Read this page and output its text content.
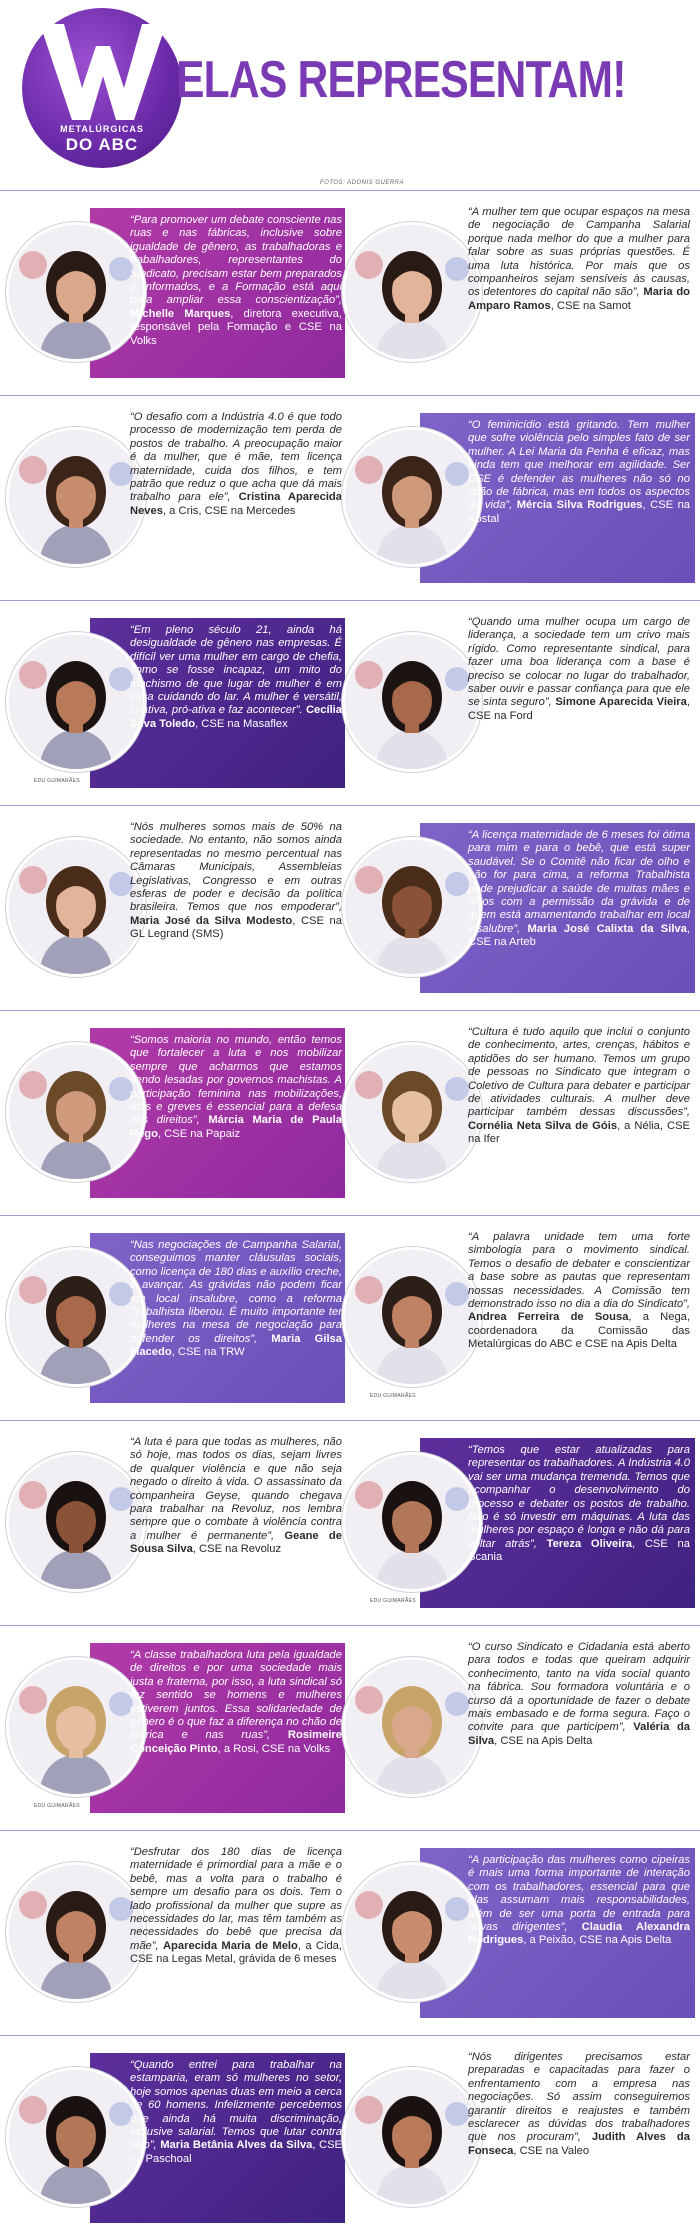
METALÚRGICAS
DO ABC
ELAS REPRESENTAM!
FOTOS: ADONIS GUERRA
“Para promover um debate consciente nas ruas e nas fábricas, inclusive sobre igualdade de gênero, as trabalhadoras e trabalhadores, representantes do Sindicato, precisam estar bem preparados e informados, e a Formação está aqui para ampliar essa conscientização”, Michelle Marques, diretora executiva, responsável pela Formação e CSE na Volks
“A mulher tem que ocupar espaços na mesa de negociação de Campanha Salarial porque nada melhor do que a mulher para falar sobre as suas próprias questões. É uma luta histórica. Por mais que os companheiros sejam sensíveis às causas, os detentores do capital não são”, Maria do Amparo Ramos, CSE na Samot
“O desafio com a Indústria 4.0 é que todo processo de modernização tem perda de postos de trabalho. A preocupação maior é da mulher, que é mãe, tem licença maternidade, cuida dos filhos, e tem patrão que reduz o que acha que dá mais trabalho para ele”, Cristina Aparecida Neves, a Cris, CSE na Mercedes
“O feminicídio está gritando. Tem mulher que sofre violência pelo simples fato de ser mulher. A Lei Maria da Penha é eficaz, mas ainda tem que melhorar em agilidade. Ser CSE é defender as mulheres não só no chão de fábrica, mas em todos os aspectos da vida”, Mércia Silva Rodrigues, CSE na Kostal
EDU GUIMARÃES
“Em pleno século 21, ainda há desigualdade de gênero nas empresas. É difícil ver uma mulher em cargo de chefia, como se fosse incapaz, um mito do machismo de que lugar de mulher é em casa cuidando do lar. A mulher é versátil, criativa, pró-ativa e faz acontecer”. Cecília Silva Toledo, CSE na Masaflex
“Quando uma mulher ocupa um cargo de liderança, a sociedade tem um crivo mais rígido. Como representante sindical, para fazer uma boa liderança com a base é preciso se colocar no lugar do trabalhador, saber ouvir e passar confiança para que ele se sinta seguro”, Simone Aparecida Vieira, CSE na Ford
“Nós mulheres somos mais de 50% na sociedade. No entanto, não somos ainda representadas no mesmo percentual nas Câmaras Municipais, Assembleias Legislativas, Congresso e em outras esferas de poder e decisão da política brasileira. Temos que nos empoderar”, Maria José da Silva Modesto, CSE na GL Legrand (SMS)
“A licença maternidade de 6 meses foi ótima para mim e para o bebê, que está super saudável. Se o Comitê não ficar de olho e não for para cima, a reforma Trabalhista pode prejudicar a saúde de muitas mães e filhos com a permissão da grávida e de quem está amamentando trabalhar em local insalubre”, Maria José Calixta da Silva, CSE na Arteb
“Somos maioria no mundo, então temos que fortalecer a luta e nos mobilizar sempre que acharmos que estamos sendo lesadas por governos machistas. A participação feminina nas mobilizações, atos e greves é essencial para a defesa dos direitos”, Márcia Maria de Paula Rego, CSE na Papaiz
“Cultura é tudo aquilo que inclui o conjunto de conhecimento, artes, crenças, hábitos e aptidões do ser humano. Temos um grupo de pessoas no Sindicato que integram o Coletivo de Cultura para debater e participar de atividades culturais. A mulher deve participar também dessas discussões”, Cornélia Neta Silva de Góis, a Nélia, CSE na Ifer
“Nas negociações de Campanha Salarial, conseguimos manter cláusulas sociais, como licença de 180 dias e auxílio creche, e avançar. As grávidas não podem ficar em local insalubre, como a reforma Trabalhista liberou. É muito importante ter mulheres na mesa de negociação para defender os direitos”, Maria Gilsa Macedo, CSE na TRW
EDU GUIMARÃES
“A palavra unidade tem uma forte simbologia para o movimento sindical. Temos o desafio de debater e conscientizar a base sobre as pautas que representam nossas necessidades. A Comissão tem demonstrado isso no dia a dia do Sindicato”, Andrea Ferreira de Sousa, a Nega, coordenadora da Comissão das Metalúrgicas do ABC e CSE na Apis Delta
“A luta é para que todas as mulheres, não só hoje, mas todos os dias, sejam livres de qualquer violência e que não seja negado o direito à vida. O assassinato da companheira Geyse, quando chegava para trabalhar na Revoluz, nos lembra sempre que o combate à violência contra a mulher é permanente”, Geane de Sousa Silva, CSE na Revoluz
EDU GUIMARÃES
“Temos que estar atualizadas para representar os trabalhadores. A Indústria 4.0 vai ser uma mudança tremenda. Temos que acompanhar o desenvolvimento do processo e debater os postos de trabalho. Não é só investir em máquinas. A luta das mulheres por espaço é longa e não dá para voltar atrás”, Tereza Oliveira, CSE na Scania
EDU GUIMARÃES
“A classe trabalhadora luta pela igualdade de direitos e por uma sociedade mais justa e fraterna, por isso, a luta sindical só faz sentido se homens e mulheres estiverem juntos. Essa solidariedade de gênero é o que faz a diferença no chão de fábrica e nas ruas”, Rosimeire Conceição Pinto, a Rosi, CSE na Volks
“O curso Sindicato e Cidadania está aberto para todos e todas que queiram adquirir conhecimento, tanto na vida social quanto na fábrica. Sou formadora voluntária e o curso dá a oportunidade de fazer o debate mais embasado e de forma segura. Faço o convite para que participem”, Valéria da Silva, CSE na Apis Delta
“Desfrutar dos 180 dias de licença maternidade é primordial para a mãe e o bebê, mas a volta para o trabalho é sempre um desafio para os dois. Tem o lado profissional da mulher que supre as necessidades do lar, mas têm também as necessidades do bebê que precisa da mãe”, Aparecida Maria de Melo, a Cida, CSE na Legas Metal, grávida de 6 meses
“A participação das mulheres como cipeiras é mais uma forma importante de interação com os trabalhadores, essencial para que elas assumam mais responsabilidades, além de ser uma porta de entrada para novas dirigentes”, Claudia Alexandra Rodrigues, a Peixão, CSE na Apis Delta
“Quando entrei para trabalhar na estamparia, eram só mulheres no setor, hoje somos apenas duas em meio a cerca de 60 homens. Infelizmente percebemos que ainda há muita discriminação, inclusive salarial. Temos que lutar contra isso”, Maria Betânia Alves da Silva, CSE na Paschoal
“Nós dirigentes precisamos estar preparadas e capacitadas para fazer o enfrentamento com a empresa nas negociações. Só assim conseguiremos garantir direitos e reajustes e também esclarecer as dúvidas dos trabalhadores que nos procuram”, Judith Alves da Fonseca, CSE na Valeo
